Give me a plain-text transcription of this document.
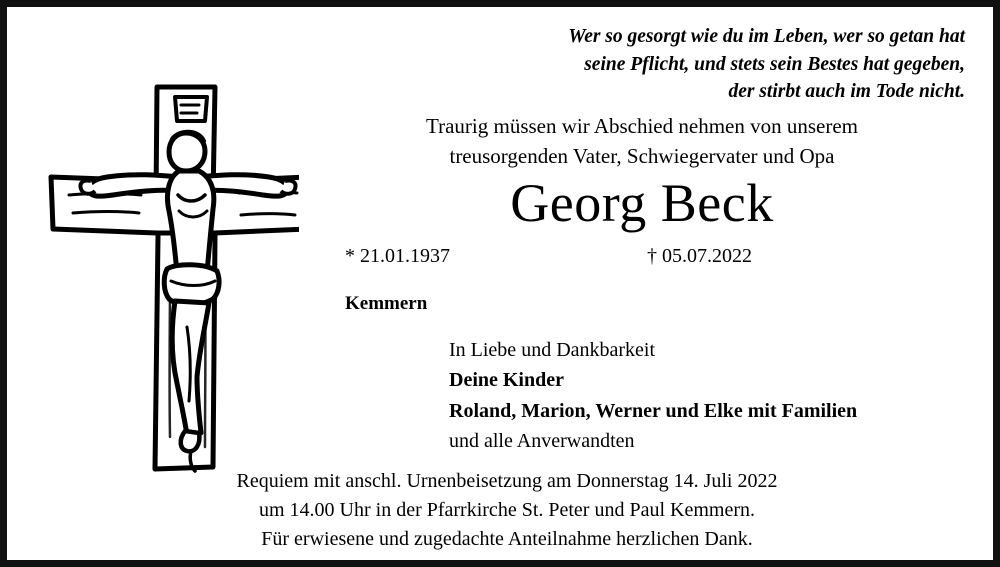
Wer so gesorgt wie du im Leben, wer so getan hat
seine Pflicht, und stets sein Bestes hat gegeben,
der stirbt auch im Tode nicht.
Traurig müssen wir Abschied nehmen von unserem
treusorgenden Vater, Schwiegervater und Opa
Georg Beck
* 21.01.1937	† 05.07.2022
Kemmern
In Liebe und Dankbarkeit
Deine Kinder
Roland, Marion, Werner und Elke mit Familien
und alle Anverwandten
Requiem mit anschl. Urnenbeisetzung am Donnerstag 14. Juli 2022
um 14.00 Uhr in der Pfarrkirche St. Peter und Paul Kemmern.
Für erwiesene und zugedachte Anteilnahme herzlichen Dank.
